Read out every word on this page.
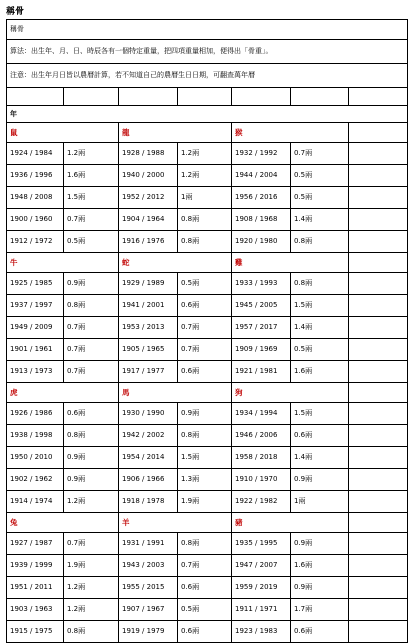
稱骨
稱骨						
算法：出生年、月、日、時辰各有一個特定重量，把四項重量相加，便得出「骨重」。						
注意：出生年月日皆以農曆計算，若不知道自己的農曆生日日期，可翻查萬年曆						

年						
鼠		龍		猴		
1924 / 1984	1.2兩	1928 / 1988	1.2兩	1932 / 1992	0.7兩	
1936 / 1996	1.6兩	1940 / 2000	1.2兩	1944 / 2004	0.5兩	
1948 / 2008	1.5兩	1952 / 2012	1兩	1956 / 2016	0.5兩	
1900 / 1960	0.7兩	1904 / 1964	0.8兩	1908 / 1968	1.4兩	
1912 / 1972	0.5兩	1916 / 1976	0.8兩	1920 / 1980	0.8兩	
牛		蛇		雞		
1925 / 1985	0.9兩	1929 / 1989	0.5兩	1933 / 1993	0.8兩	
1937 / 1997	0.8兩	1941 / 2001	0.6兩	1945 / 2005	1.5兩	
1949 / 2009	0.7兩	1953 / 2013	0.7兩	1957 / 2017	1.4兩	
1901 / 1961	0.7兩	1905 / 1965	0.7兩	1909 / 1969	0.5兩	
1913 / 1973	0.7兩	1917 / 1977	0.6兩	1921 / 1981	1.6兩	
虎		馬		狗		
1926 / 1986	0.6兩	1930 / 1990	0.9兩	1934 / 1994	1.5兩	
1938 / 1998	0.8兩	1942 / 2002	0.8兩	1946 / 2006	0.6兩	
1950 / 2010	0.9兩	1954 / 2014	1.5兩	1958 / 2018	1.4兩	
1902 / 1962	0.9兩	1906 / 1966	1.3兩	1910 / 1970	0.9兩	
1914 / 1974	1.2兩	1918 / 1978	1.9兩	1922 / 1982	1兩	
兔		羊		豬		
1927 / 1987	0.7兩	1931 / 1991	0.8兩	1935 / 1995	0.9兩	
1939 / 1999	1.9兩	1943 / 2003	0.7兩	1947 / 2007	1.6兩	
1951 / 2011	1.2兩	1955 / 2015	0.6兩	1959 / 2019	0.9兩	
1903 / 1963	1.2兩	1907 / 1967	0.5兩	1911 / 1971	1.7兩	
1915 / 1975	0.8兩	1919 / 1979	0.6兩	1923 / 1983	0.6兩	
